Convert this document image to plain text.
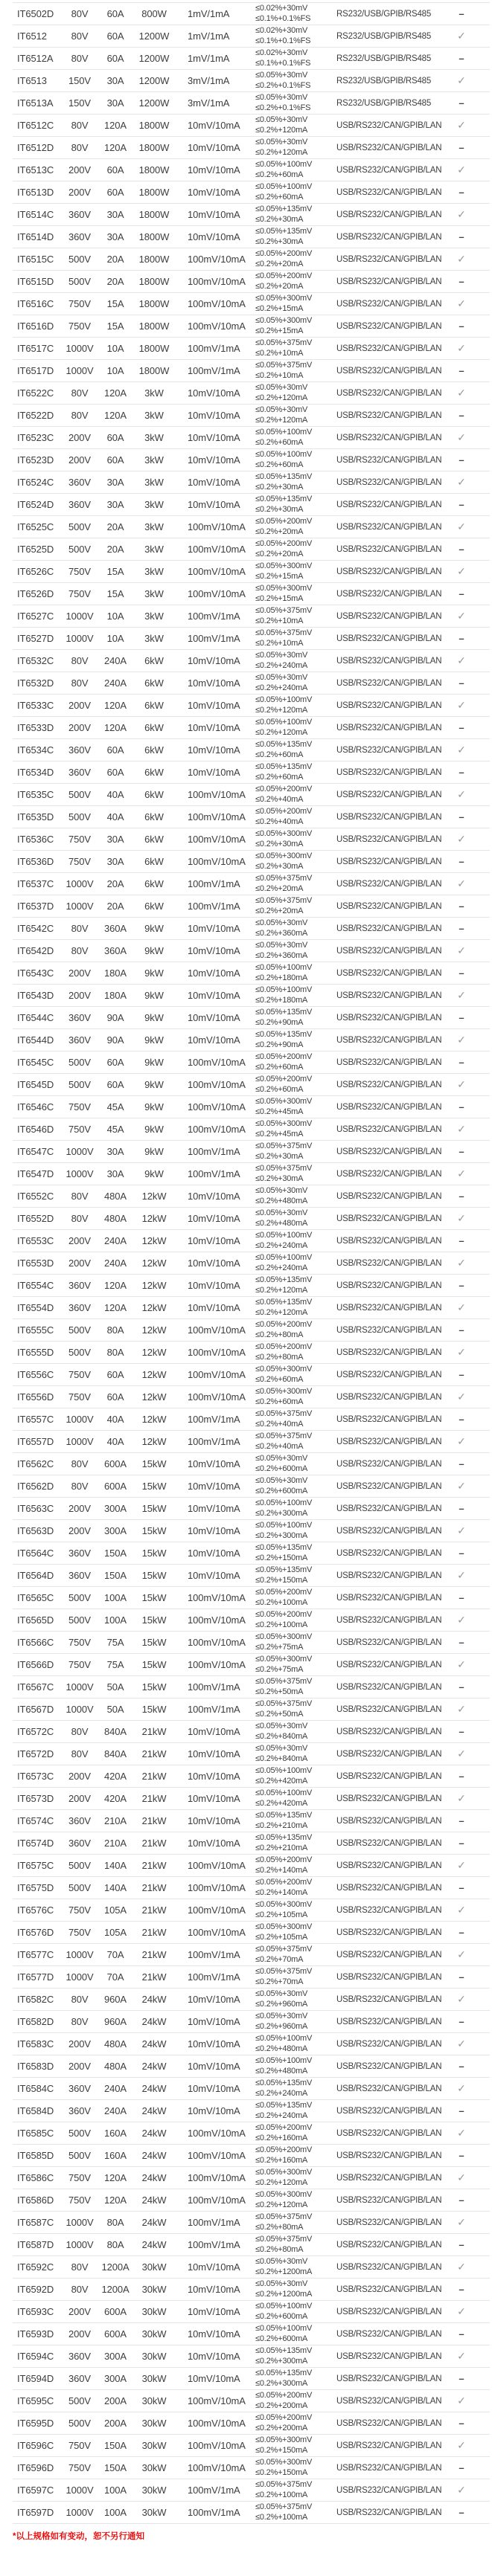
IT6502D	80V	60A	800W	1mV/1mA	≤0.02%+30mV
≤0.1%+0.1%FS	RS232/USB/GPIB/RS485	–
IT6512	80V	60A	1200W	1mV/1mA	≤0.02%+30mV
≤0.1%+0.1%FS	RS232/USB/GPIB/RS485	✓
IT6512A	80V	60A	1200W	1mV/1mA	≤0.02%+30mV
≤0.1%+0.1%FS	RS232/USB/GPIB/RS485	–
IT6513	150V	30A	1200W	3mV/1mA	≤0.05%+30mV
≤0.2%+0.1%FS	RS232/USB/GPIB/RS485	✓
IT6513A	150V	30A	1200W	3mV/1mA	≤0.05%+30mV
≤0.2%+0.1%FS	RS232/USB/GPIB/RS485	–
IT6512C	80V	120A	1800W	10mV/10mA ≤0.05%+30mV
≤0.2%+120mA	USB/RS232/CAN/GPIB/LAN ✓
IT6512D	80V	120A	1800W	10mV/10mA ≤0.05%+30mV
≤0.2%+120mA	USB/RS232/CAN/GPIB/LAN –
IT6513C	200V	60A	1800W	10mV/10mA ≤0.05%+100mV
≤0.2%+60mA	USB/RS232/CAN/GPIB/LAN ✓
IT6513D	200V	60A	1800W	10mV/10mA ≤0.05%+100mV
≤0.2%+60mA	USB/RS232/CAN/GPIB/LAN –
IT6514C	360V	30A	1800W	10mV/10mA ≤0.05%+135mV
≤0.2%+30mA	USB/RS232/CAN/GPIB/LAN ✓
IT6514D	360V	30A	1800W	10mV/10mA ≤0.05%+135mV
≤0.2%+30mA	USB/RS232/CAN/GPIB/LAN –
IT6515C	500V	20A	1800W	100mV/10mA ≤0.05%+200mV
≤0.2%+20mA	USB/RS232/CAN/GPIB/LAN ✓
IT6515D	500V	20A	1800W	100mV/10mA ≤0.05%+200mV
≤0.2%+20mA	USB/RS232/CAN/GPIB/LAN –
IT6516C	750V	15A	1800W	100mV/10mA ≤0.05%+300mV
≤0.2%+15mA	USB/RS232/CAN/GPIB/LAN ✓
IT6516D	750V	15A	1800W	100mV/10mA ≤0.05%+300mV
≤0.2%+15mA	USB/RS232/CAN/GPIB/LAN –
IT6517C	1000V	10A	1800W	100mV/1mA ≤0.05%+375mV
≤0.2%+10mA	USB/RS232/CAN/GPIB/LAN ✓
IT6517D	1000V	10A	1800W	100mV/1mA ≤0.05%+375mV
≤0.2%+10mA	USB/RS232/CAN/GPIB/LAN –
IT6522C	80V	120A	3kW	10mV/10mA ≤0.05%+30mV
≤0.2%+120mA	USB/RS232/CAN/GPIB/LAN ✓
IT6522D	80V	120A	3kW	10mV/10mA ≤0.05%+30mV
≤0.2%+120mA	USB/RS232/CAN/GPIB/LAN –
IT6523C	200V	60A	3kW	10mV/10mA ≤0.05%+100mV
≤0.2%+60mA	USB/RS232/CAN/GPIB/LAN ✓
IT6523D	200V	60A	3kW	10mV/10mA ≤0.05%+100mV
≤0.2%+60mA	USB/RS232/CAN/GPIB/LAN –
IT6524C	360V	30A	3kW	10mV/10mA ≤0.05%+135mV
≤0.2%+30mA	USB/RS232/CAN/GPIB/LAN ✓
IT6524D	360V	30A	3kW	10mV/10mA ≤0.05%+135mV
≤0.2%+30mA	USB/RS232/CAN/GPIB/LAN –
IT6525C	500V	20A	3kW	100mV/10mA ≤0.05%+200mV
≤0.2%+20mA	USB/RS232/CAN/GPIB/LAN ✓
IT6525D	500V	20A	3kW	100mV/10mA ≤0.05%+200mV
≤0.2%+20mA	USB/RS232/CAN/GPIB/LAN –
IT6526C	750V	15A	3kW	100mV/10mA ≤0.05%+300mV
≤0.2%+15mA	USB/RS232/CAN/GPIB/LAN ✓
IT6526D	750V	15A	3kW	100mV/10mA ≤0.05%+300mV
≤0.2%+15mA	USB/RS232/CAN/GPIB/LAN –
IT6527C	1000V	10A	3kW	100mV/1mA ≤0.05%+375mV
≤0.2%+10mA	USB/RS232/CAN/GPIB/LAN ✓
IT6527D	1000V	10A	3kW	100mV/1mA ≤0.05%+375mV
≤0.2%+10mA	USB/RS232/CAN/GPIB/LAN –
IT6532C	80V	240A	6kW	10mV/10mA ≤0.05%+30mV
≤0.2%+240mA	USB/RS232/CAN/GPIB/LAN ✓
IT6532D	80V	240A	6kW	10mV/10mA ≤0.05%+30mV
≤0.2%+240mA	USB/RS232/CAN/GPIB/LAN –
IT6533C	200V	120A	6kW	10mV/10mA ≤0.05%+100mV
≤0.2%+120mA	USB/RS232/CAN/GPIB/LAN ✓
IT6533D	200V	120A	6kW	10mV/10mA ≤0.05%+100mV
≤0.2%+120mA	USB/RS232/CAN/GPIB/LAN –
IT6534C	360V	60A	6kW	10mV/10mA ≤0.05%+135mV
≤0.2%+60mA	USB/RS232/CAN/GPIB/LAN ✓
IT6534D	360V	60A	6kW	10mV/10mA ≤0.05%+135mV
≤0.2%+60mA	USB/RS232/CAN/GPIB/LAN –
IT6535C	500V	40A	6kW	100mV/10mA ≤0.05%+200mV
≤0.2%+40mA	USB/RS232/CAN/GPIB/LAN ✓
IT6535D	500V	40A	6kW	100mV/10mA ≤0.05%+200mV
≤0.2%+40mA	USB/RS232/CAN/GPIB/LAN –
IT6536C	750V	30A	6kW	100mV/10mA ≤0.05%+300mV
≤0.2%+30mA	USB/RS232/CAN/GPIB/LAN ✓
IT6536D	750V	30A	6kW	100mV/10mA ≤0.05%+300mV
≤0.2%+30mA	USB/RS232/CAN/GPIB/LAN –
IT6537C	1000V	20A	6kW	100mV/1mA ≤0.05%+375mV
≤0.2%+20mA	USB/RS232/CAN/GPIB/LAN ✓
IT6537D	1000V	20A	6kW	100mV/1mA ≤0.05%+375mV
≤0.2%+20mA	USB/RS232/CAN/GPIB/LAN –
IT6542C	80V	360A	9kW	10mV/10mA ≤0.05%+30mV
≤0.2%+360mA	USB/RS232/CAN/GPIB/LAN –
IT6542D	80V	360A	9kW	10mV/10mA ≤0.05%+30mV
≤0.2%+360mA	USB/RS232/CAN/GPIB/LAN ✓
IT6543C	200V	180A	9kW	10mV/10mA ≤0.05%+100mV
≤0.2%+180mA	USB/RS232/CAN/GPIB/LAN –
IT6543D	200V	180A	9kW	10mV/10mA ≤0.05%+100mV
≤0.2%+180mA	USB/RS232/CAN/GPIB/LAN ✓
IT6544C	360V	90A	9kW	10mV/10mA ≤0.05%+135mV
≤0.2%+90mA	USB/RS232/CAN/GPIB/LAN –
IT6544D	360V	90A	9kW	10mV/10mA ≤0.05%+135mV
≤0.2%+90mA	USB/RS232/CAN/GPIB/LAN ✓
IT6545C	500V	60A	9kW	100mV/10mA ≤0.05%+200mV
≤0.2%+60mA	USB/RS232/CAN/GPIB/LAN –
IT6545D	500V	60A	9kW	100mV/10mA ≤0.05%+200mV
≤0.2%+60mA	USB/RS232/CAN/GPIB/LAN ✓
IT6546C	750V	45A	9kW	100mV/10mA ≤0.05%+300mV
≤0.2%+45mA	USB/RS232/CAN/GPIB/LAN –
IT6546D	750V	45A	9kW	100mV/10mA ≤0.05%+300mV
≤0.2%+45mA	USB/RS232/CAN/GPIB/LAN ✓
IT6547C	1000V	30A	9kW	100mV/1mA ≤0.05%+375mV
≤0.2%+30mA	USB/RS232/CAN/GPIB/LAN –
IT6547D	1000V	30A	9kW	100mV/1mA ≤0.05%+375mV
≤0.2%+30mA	USB/RS232/CAN/GPIB/LAN ✓
IT6552C	80V	480A	12kW	10mV/10mA ≤0.05%+30mV
≤0.2%+480mA	USB/RS232/CAN/GPIB/LAN –
IT6552D	80V	480A	12kW	10mV/10mA ≤0.05%+30mV
≤0.2%+480mA	USB/RS232/CAN/GPIB/LAN ✓
IT6553C	200V	240A	12kW	10mV/10mA ≤0.05%+100mV
≤0.2%+240mA	USB/RS232/CAN/GPIB/LAN –
IT6553D	200V	240A	12kW	10mV/10mA ≤0.05%+100mV
≤0.2%+240mA	USB/RS232/CAN/GPIB/LAN ✓
IT6554C	360V	120A	12kW	10mV/10mA ≤0.05%+135mV
≤0.2%+120mA	USB/RS232/CAN/GPIB/LAN –
IT6554D	360V	120A	12kW	10mV/10mA ≤0.05%+135mV
≤0.2%+120mA	USB/RS232/CAN/GPIB/LAN ✓
IT6555C	500V	80A	12kW	100mV/10mA ≤0.05%+200mV
≤0.2%+80mA	USB/RS232/CAN/GPIB/LAN –
IT6555D	500V	80A	12kW	100mV/10mA ≤0.05%+200mV
≤0.2%+80mA	USB/RS232/CAN/GPIB/LAN ✓
IT6556C	750V	60A	12kW	100mV/10mA ≤0.05%+300mV
≤0.2%+60mA	USB/RS232/CAN/GPIB/LAN –
IT6556D	750V	60A	12kW	100mV/10mA ≤0.05%+300mV
≤0.2%+60mA	USB/RS232/CAN/GPIB/LAN ✓
IT6557C	1000V	40A	12kW	100mV/1mA ≤0.05%+375mV
≤0.2%+40mA	USB/RS232/CAN/GPIB/LAN –
IT6557D	1000V	40A	12kW	100mV/1mA ≤0.05%+375mV
≤0.2%+40mA	USB/RS232/CAN/GPIB/LAN ✓
IT6562C	80V	600A	15kW	10mV/10mA ≤0.05%+30mV
≤0.2%+600mA	USB/RS232/CAN/GPIB/LAN –
IT6562D	80V	600A	15kW	10mV/10mA ≤0.05%+30mV
≤0.2%+600mA	USB/RS232/CAN/GPIB/LAN ✓
IT6563C	200V	300A	15kW	10mV/10mA ≤0.05%+100mV
≤0.2%+300mA	USB/RS232/CAN/GPIB/LAN –
IT6563D	200V	300A	15kW	10mV/10mA ≤0.05%+100mV
≤0.2%+300mA	USB/RS232/CAN/GPIB/LAN ✓
IT6564C	360V	150A	15kW	10mV/10mA ≤0.05%+135mV
≤0.2%+150mA	USB/RS232/CAN/GPIB/LAN –
IT6564D	360V	150A	15kW	10mV/10mA ≤0.05%+135mV
≤0.2%+150mA	USB/RS232/CAN/GPIB/LAN ✓
IT6565C	500V	100A	15kW	100mV/10mA ≤0.05%+200mV
≤0.2%+100mA	USB/RS232/CAN/GPIB/LAN –
IT6565D	500V	100A	15kW	100mV/10mA ≤0.05%+200mV
≤0.2%+100mA	USB/RS232/CAN/GPIB/LAN ✓
IT6566C	750V	75A	15kW	100mV/10mA ≤0.05%+300mV
≤0.2%+75mA	USB/RS232/CAN/GPIB/LAN –
IT6566D	750V	75A	15kW	100mV/10mA ≤0.05%+300mV
≤0.2%+75mA	USB/RS232/CAN/GPIB/LAN ✓
IT6567C	1000V	50A	15kW	100mV/1mA ≤0.05%+375mV
≤0.2%+50mA	USB/RS232/CAN/GPIB/LAN –
IT6567D	1000V	50A	15kW	100mV/1mA ≤0.05%+375mV
≤0.2%+50mA	USB/RS232/CAN/GPIB/LAN ✓
IT6572C	80V	840A	21kW	10mV/10mA ≤0.05%+30mV
≤0.2%+840mA	USB/RS232/CAN/GPIB/LAN –
IT6572D	80V	840A	21kW	10mV/10mA ≤0.05%+30mV
≤0.2%+840mA	USB/RS232/CAN/GPIB/LAN ✓
IT6573C	200V	420A	21kW	10mV/10mA ≤0.05%+100mV
≤0.2%+420mA	USB/RS232/CAN/GPIB/LAN –
IT6573D	200V	420A	21kW	10mV/10mA ≤0.05%+100mV
≤0.2%+420mA	USB/RS232/CAN/GPIB/LAN ✓
IT6574C	360V	210A	21kW	10mV/10mA ≤0.05%+135mV
≤0.2%+210mA	USB/RS232/CAN/GPIB/LAN –
IT6574D	360V	210A	21kW	10mV/10mA ≤0.05%+135mV
≤0.2%+210mA	USB/RS232/CAN/GPIB/LAN –
IT6575C	500V	140A	21kW	100mV/10mA ≤0.05%+200mV
≤0.2%+140mA	USB/RS232/CAN/GPIB/LAN ✓
IT6575D	500V	140A	21kW	100mV/10mA ≤0.05%+200mV
≤0.2%+140mA	USB/RS232/CAN/GPIB/LAN –
IT6576C	750V	105A	21kW	100mV/10mA ≤0.05%+300mV
≤0.2%+105mA	USB/RS232/CAN/GPIB/LAN ✓
IT6576D	750V	105A	21kW	100mV/10mA ≤0.05%+300mV
≤0.2%+105mA	USB/RS232/CAN/GPIB/LAN –
IT6577C	1000V	70A	21kW	100mV/1mA ≤0.05%+375mV
≤0.2%+70mA	USB/RS232/CAN/GPIB/LAN ✓
IT6577D	1000V	70A	21kW	100mV/1mA ≤0.05%+375mV
≤0.2%+70mA	USB/RS232/CAN/GPIB/LAN –
IT6582C	80V	960A	24kW	10mV/10mA ≤0.05%+30mV
≤0.2%+960mA	USB/RS232/CAN/GPIB/LAN ✓
IT6582D	80V	960A	24kW	10mV/10mA ≤0.05%+30mV
≤0.2%+960mA	USB/RS232/CAN/GPIB/LAN –
IT6583C	200V	480A	24kW	10mV/10mA ≤0.05%+100mV
≤0.2%+480mA	USB/RS232/CAN/GPIB/LAN ✓
IT6583D	200V	480A	24kW	10mV/10mA ≤0.05%+100mV
≤0.2%+480mA	USB/RS232/CAN/GPIB/LAN –
IT6584C	360V	240A	24kW	10mV/10mA ≤0.05%+135mV
≤0.2%+240mA	USB/RS232/CAN/GPIB/LAN ✓
IT6584D	360V	240A	24kW	10mV/10mA ≤0.05%+135mV
≤0.2%+240mA	USB/RS232/CAN/GPIB/LAN –
IT6585C	500V	160A	24kW	100mV/10mA ≤0.05%+200mV
≤0.2%+160mA	USB/RS232/CAN/GPIB/LAN ✓
IT6585D	500V	160A	24kW	100mV/10mA ≤0.05%+200mV
≤0.2%+160mA	USB/RS232/CAN/GPIB/LAN –
IT6586C	750V	120A	24kW	100mV/10mA ≤0.05%+300mV
≤0.2%+120mA	USB/RS232/CAN/GPIB/LAN ✓
IT6586D	750V	120A	24kW	100mV/10mA ≤0.05%+300mV
≤0.2%+120mA	USB/RS232/CAN/GPIB/LAN –
IT6587C	1000V	80A	24kW	100mV/1mA ≤0.05%+375mV
≤0.2%+80mA	USB/RS232/CAN/GPIB/LAN ✓
IT6587D	1000V	80A	24kW	100mV/1mA ≤0.05%+375mV
≤0.2%+80mA	USB/RS232/CAN/GPIB/LAN –
IT6592C	80V	1200A	30kW	10mV/10mA ≤0.05%+30mV
≤0.2%+1200mA	USB/RS232/CAN/GPIB/LAN ✓
IT6592D	80V	1200A	30kW	10mV/10mA ≤0.05%+30mV
≤0.2%+1200mA	USB/RS232/CAN/GPIB/LAN –
IT6593C	200V	600A	30kW	10mV/10mA ≤0.05%+100mV
≤0.2%+600mA	USB/RS232/CAN/GPIB/LAN ✓
IT6593D	200V	600A	30kW	10mV/10mA ≤0.05%+100mV
≤0.2%+600mA	USB/RS232/CAN/GPIB/LAN –
IT6594C	360V	300A	30kW	10mV/10mA ≤0.05%+135mV
≤0.2%+300mA	USB/RS232/CAN/GPIB/LAN ✓
IT6594D	360V	300A	30kW	10mV/10mA ≤0.05%+135mV
≤0.2%+300mA	USB/RS232/CAN/GPIB/LAN –
IT6595C	500V	200A	30kW	100mV/10mA ≤0.05%+200mV
≤0.2%+200mA	USB/RS232/CAN/GPIB/LAN ✓
IT6595D	500V	200A	30kW	100mV/10mA ≤0.05%+200mV
≤0.2%+200mA	USB/RS232/CAN/GPIB/LAN –
IT6596C	750V	150A	30kW	100mV/10mA ≤0.05%+300mV
≤0.2%+150mA	USB/RS232/CAN/GPIB/LAN ✓
IT6596D	750V	150A	30kW	100mV/10mA ≤0.05%+300mV
≤0.2%+150mA	USB/RS232/CAN/GPIB/LAN –
IT6597C	1000V	100A	30kW	100mV/1mA ≤0.05%+375mV
≤0.2%+100mA	USB/RS232/CAN/GPIB/LAN ✓
IT6597D	1000V	100A	30kW	100mV/1mA ≤0.05%+375mV
≤0.2%+100mA	USB/RS232/CAN/GPIB/LAN –
*以上规格如有变动，恕不另行通知
